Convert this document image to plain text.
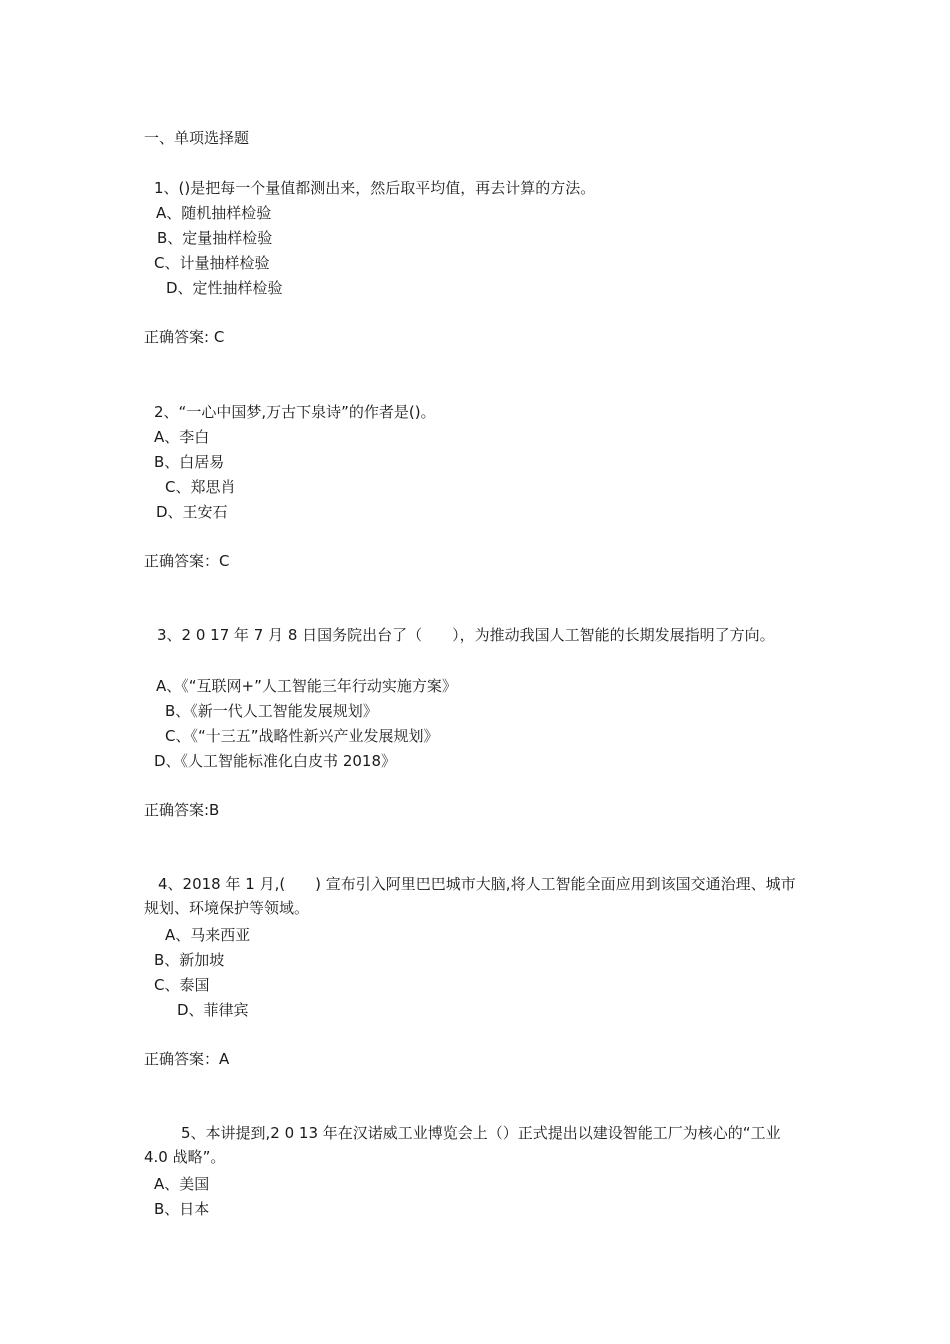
一、单项选择题
1、()是把每一个量值都测出来，然后取平均值，再去计算的方法。
A、随机抽样检验
B、定量抽样检验
C、计量抽样检验
D、定性抽样检验
正确答案: C
2、“一心中国梦,万古下泉诗”的作者是()。
A、李白
B、白居易
C、郑思肖
D、王安石
正确答案：C
3、2 0 17 年 7 月 8 日国务院出台了（　　），为推动我国人工智能的长期发展指明了方向。
A、《“互联网+”人工智能三年行动实施方案》
B、《新一代人工智能发展规划》
C、《“十三五”战略性新兴产业发展规划》
D、《人工智能标准化白皮书 2018》
正确答案:B
4、2018 年 1 月,(　　) 宣布引入阿里巴巴城市大脑,将人工智能全面应用到该国交通治理、城市规划、环境保护等领域。
A、马来西亚
B、新加坡
C、泰国
D、菲律宾
正确答案：A
5、本讲提到,2 0 13 年在汉诺威工业博览会上（）正式提出以建设智能工厂为核心的“工业 4.0 战略”。
A、美国
B、日本
